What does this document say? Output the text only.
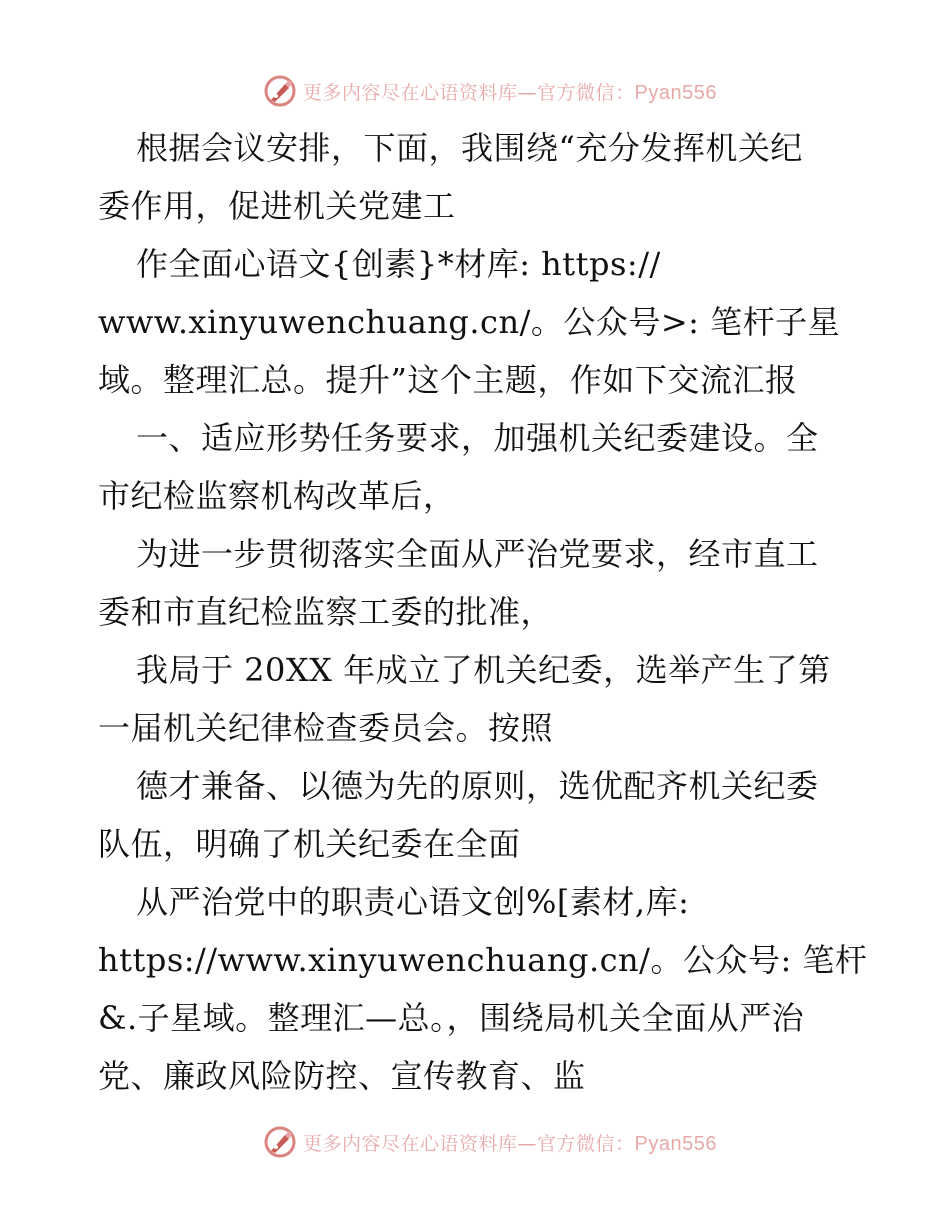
更多内容尽在心语资料库—官方微信：Pyan556
根据会议安排，下面，我围绕“充分发挥机关纪
委作用，促进机关党建工
作全面心语文{创素}*材库: https://
www.xinyuwenchuang.cn/。公众号>: 笔杆子星
域。整理汇总。提升”这个主题，作如下交流汇报
一、适应形势任务要求，加强机关纪委建设。全
市纪检监察机构改革后，
为进一步贯彻落实全面从严治党要求，经市直工
委和市直纪检监察工委的批准，
我局于 20XX 年成立了机关纪委，选举产生了第
一届机关纪律检查委员会。按照
德才兼备、以德为先的原则，选优配齐机关纪委
队伍，明确了机关纪委在全面
从严治党中的职责心语文创%[素材,库:
https://www.xinyuwenchuang.cn/。公众号: 笔杆
&.子星域。整理汇—总。，围绕局机关全面从严治
党、廉政风险防控、宣传教育、监
更多内容尽在心语资料库—官方微信：Pyan556
